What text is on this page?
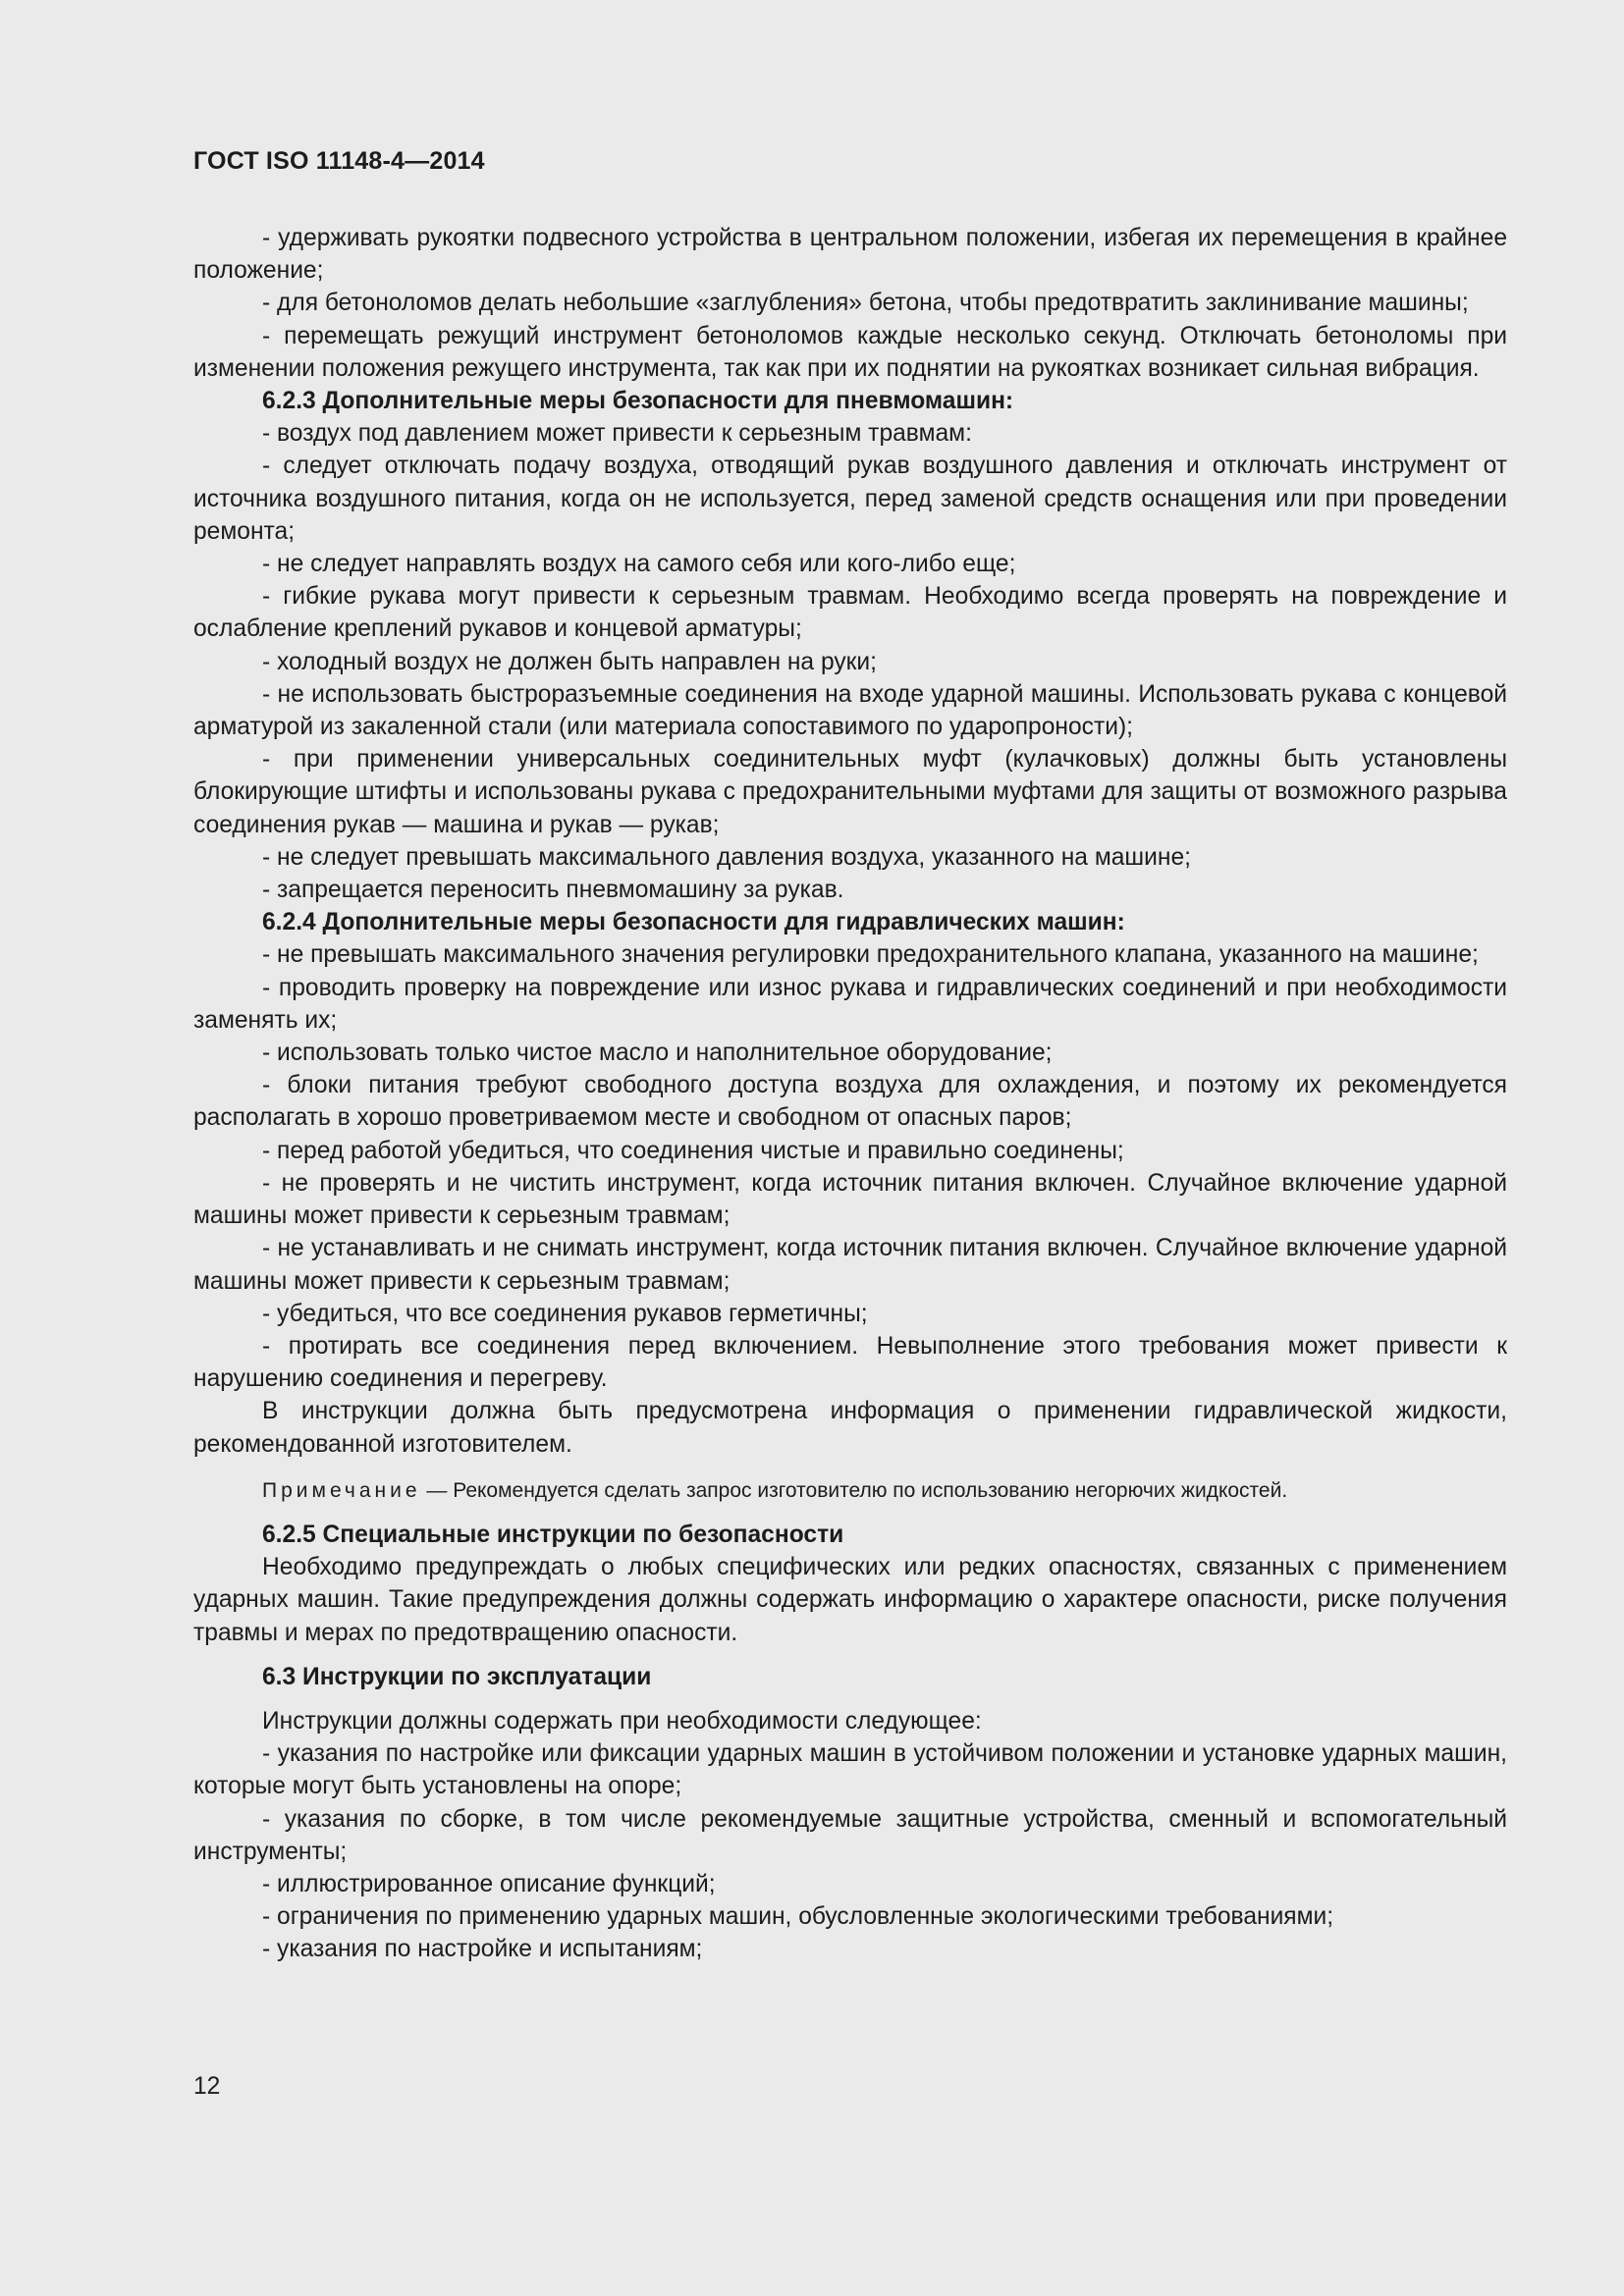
ГОСТ ISO 11148-4—2014

- удерживать рукоятки подвесного устройства в центральном положении, избегая их перемещения в крайнее положение;

- для бетоноломов делать небольшие «заглубления» бетона, чтобы предотвратить заклинивание машины;

- перемещать режущий инструмент бетоноломов каждые несколько секунд. Отключать бетоноломы при изменении положения режущего инструмента, так как при их поднятии на рукоятках возникает сильная вибрация.

6.2.3 Дополнительные меры безопасности для пневмомашин:

- воздух под давлением может привести к серьезным травмам:

- следует отключать подачу воздуха, отводящий рукав воздушного давления и отключать инструмент от источника воздушного питания, когда он не используется, перед заменой средств оснащения или при проведении ремонта;

- не следует направлять воздух на самого себя или кого-либо еще;

- гибкие рукава могут привести к серьезным травмам. Необходимо всегда проверять на повреждение и ослабление креплений рукавов и концевой арматуры;

- холодный воздух не должен быть направлен на руки;

- не использовать быстроразъемные соединения на входе ударной машины. Использовать рукава с концевой арматурой из закаленной стали (или материала сопоставимого по ударопроности);

- при применении универсальных соединительных муфт (кулачковых) должны быть установлены блокирующие штифты и использованы рукава с предохранительными муфтами для защиты от возможного разрыва соединения рукав — машина и рукав — рукав;

- не следует превышать максимального давления воздуха, указанного на машине;

- запрещается переносить пневмомашину за рукав.

6.2.4 Дополнительные меры безопасности для гидравлических машин:

- не превышать максимального значения регулировки предохранительного клапана, указанного на машине;

- проводить проверку на повреждение или износ рукава и гидравлических соединений и при необходимости заменять их;

- использовать только чистое масло и наполнительное оборудование;

- блоки питания требуют свободного доступа воздуха для охлаждения, и поэтому их рекомендуется располагать в хорошо проветриваемом месте и свободном от опасных паров;

- перед работой убедиться, что соединения чистые и правильно соединены;

- не проверять и не чистить инструмент, когда источник питания включен. Случайное включение ударной машины может привести к серьезным травмам;

- не устанавливать и не снимать инструмент, когда источник питания включен. Случайное включение ударной машины может привести к серьезным травмам;

- убедиться, что все соединения рукавов герметичны;

- протирать все соединения перед включением. Невыполнение этого требования может привести к нарушению соединения и перегреву.

В инструкции должна быть предусмотрена информация о применении гидравлической жидкости, рекомендованной изготовителем.

Примечание — Рекомендуется сделать запрос изготовителю по использованию негорючих жидкостей.

6.2.5 Специальные инструкции по безопасности

Необходимо предупреждать о любых специфических или редких опасностях, связанных с применением ударных машин. Такие предупреждения должны содержать информацию о характере опасности, риске получения травмы и мерах по предотвращению опасности.

6.3 Инструкции по эксплуатации

Инструкции должны содержать при необходимости следующее:

- указания по настройке или фиксации ударных машин в устойчивом положении и установке ударных машин, которые могут быть установлены на опоре;

- указания по сборке, в том числе рекомендуемые защитные устройства, сменный и вспомогательный инструменты;

- иллюстрированное описание функций;

- ограничения по применению ударных машин, обусловленные экологическими требованиями;

- указания по настройке и испытаниям;

12
